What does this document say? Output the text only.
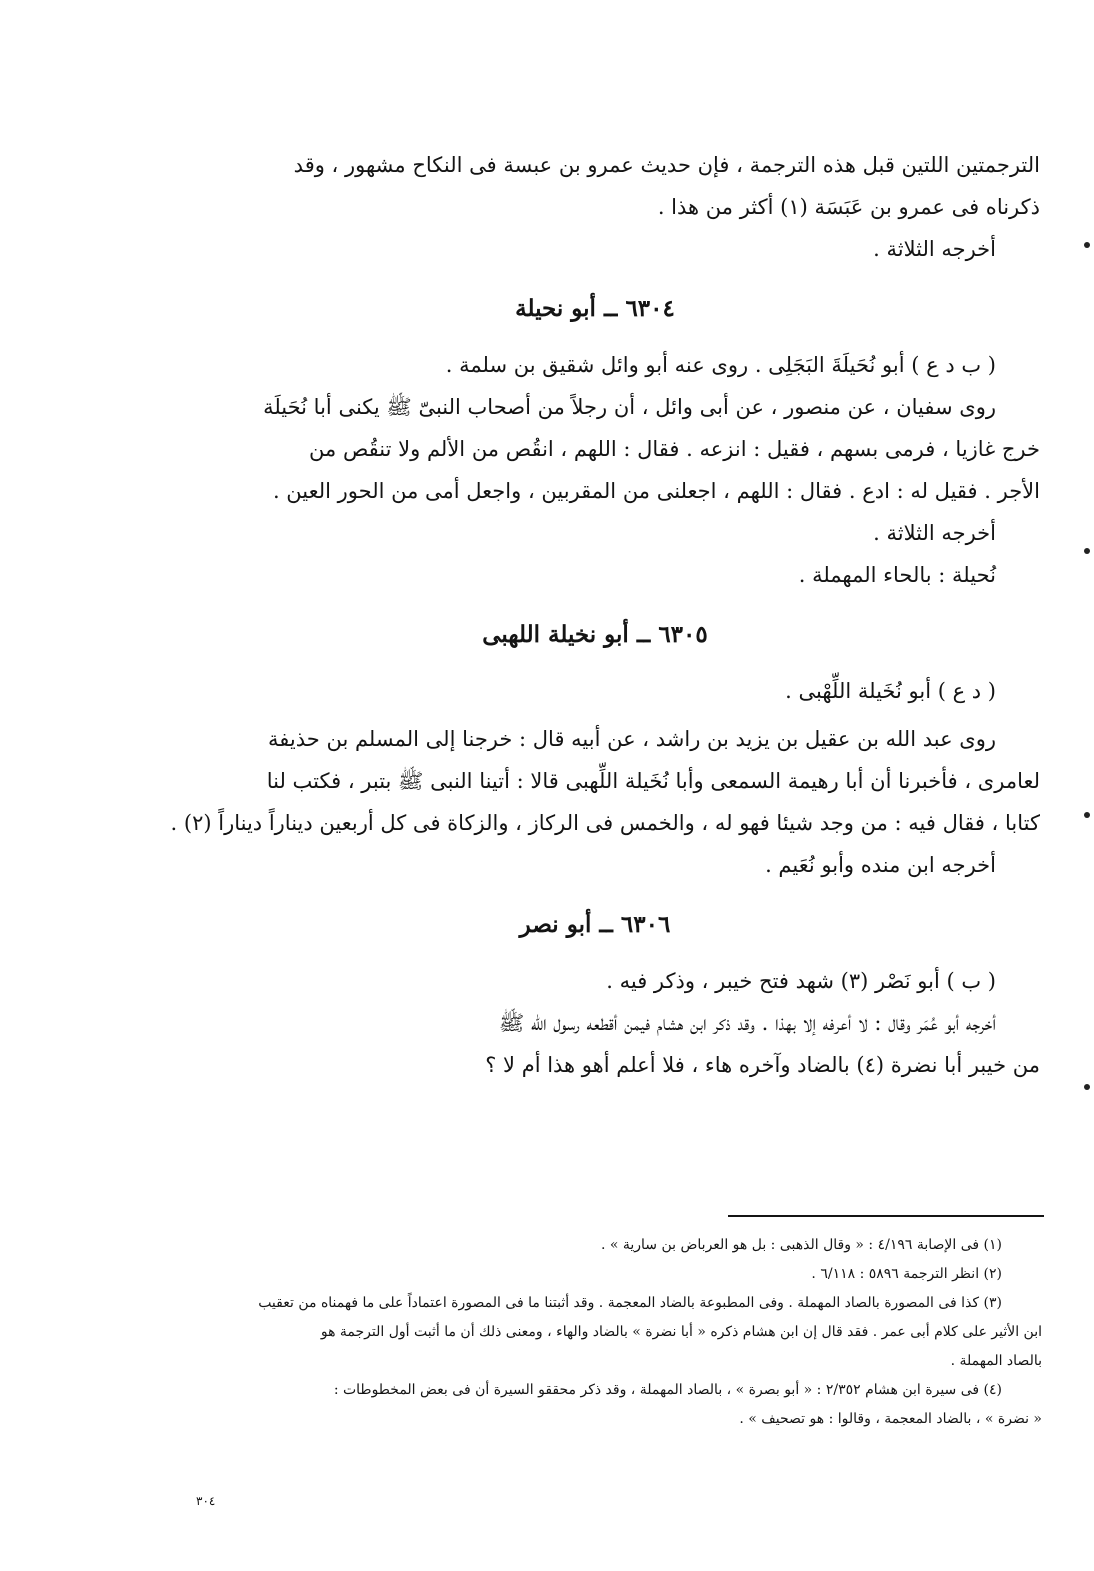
الترجمتين اللتين قبل هذه الترجمة ، فإن حديث عمرو بن عبسة فى النكاح مشهور ، وقد

ذكرناه فى عمرو بن عَبَسَة (١) أكثر من هذا .

أخرجه الثلاثة .

٦٣٠٤ ــ أبو نحيلة

( ب د ع ) أبو نُحَيلَةَ البَجَلِى . روى عنه أبو وائل شقيق بن سلمة .

روى سفيان ، عن منصور ، عن أبى وائل ، أن رجلاً من أصحاب النبىّ ﷺ يكنى أبا نُحَيلَة

خرج غازيا ، فرمى بسهم ، فقيل : انزعه . فقال : اللهم ، انقُص من الألم ولا تنقُص من

الأجر . فقيل له : ادع . فقال : اللهم ، اجعلنى من المقربين ، واجعل أمى من الحور العين .

أخرجه الثلاثة .

نُحيلة : بالحاء المهملة .

٦٣٠٥ ــ أبو نخيلة اللهبى

( د ع ) أبو نُخَيلة اللِّهْبى .

روى عبد الله بن عقيل بن يزيد بن راشد ، عن أبيه قال : خرجنا إلى المسلم بن حذيفة

لعامرى ، فأخبرنا أن أبا رهيمة السمعى وأبا نُخَيلة اللِّهبى قالا : أتينا النبى ﷺ بتبر ، فكتب لنا

كتابا ، فقال فيه : من وجد شيئا فهو له ، والخمس فى الركاز ، والزكاة فى كل أربعين ديناراً ديناراً (٢) .

أخرجه ابن منده وأبو نُعَيم .

٦٣٠٦ ــ أبو نصر

( ب ) أبو نَصْر (٣) شهد فتح خيبر ، وذكر فيه .

أخرجه أبو عُمَر وقال : لا أعرفه إلا بهذا . وقد ذكر ابن هشام فيمن أقطعه رسول الله ﷺ

من خيبر أبا نضرة (٤) بالضاد وآخره هاء ، فلا أعلم أهو هذا أم لا ؟

(١) فى الإصابة ٤/١٩٦ : « وقال الذهبى : بل هو العرباض بن سارية » .

(٢) انظر الترجمة ٥٨٩٦ : ٦/١١٨ .

(٣) كذا فى المصورة بالصاد المهملة . وفى المطبوعة بالضاد المعجمة . وقد أثبتنا ما فى المصورة اعتماداً على ما فهمناه من تعقيب

ابن الأثير على كلام أبى عمر . فقد قال إن ابن هشام ذكره « أبا نضرة » بالضاد والهاء ، ومعنى ذلك أن ما أثبت أول الترجمة هو

بالصاد المهملة .

(٤) فى سيرة ابن هشام ٢/٣٥٢ : « أبو بصرة » ، بالصاد المهملة ، وقد ذكر محققو السيرة أن فى بعض المخطوطات :

« نضرة » ، بالضاد المعجمة ، وقالوا : هو تصحيف » .

٣٠٤
